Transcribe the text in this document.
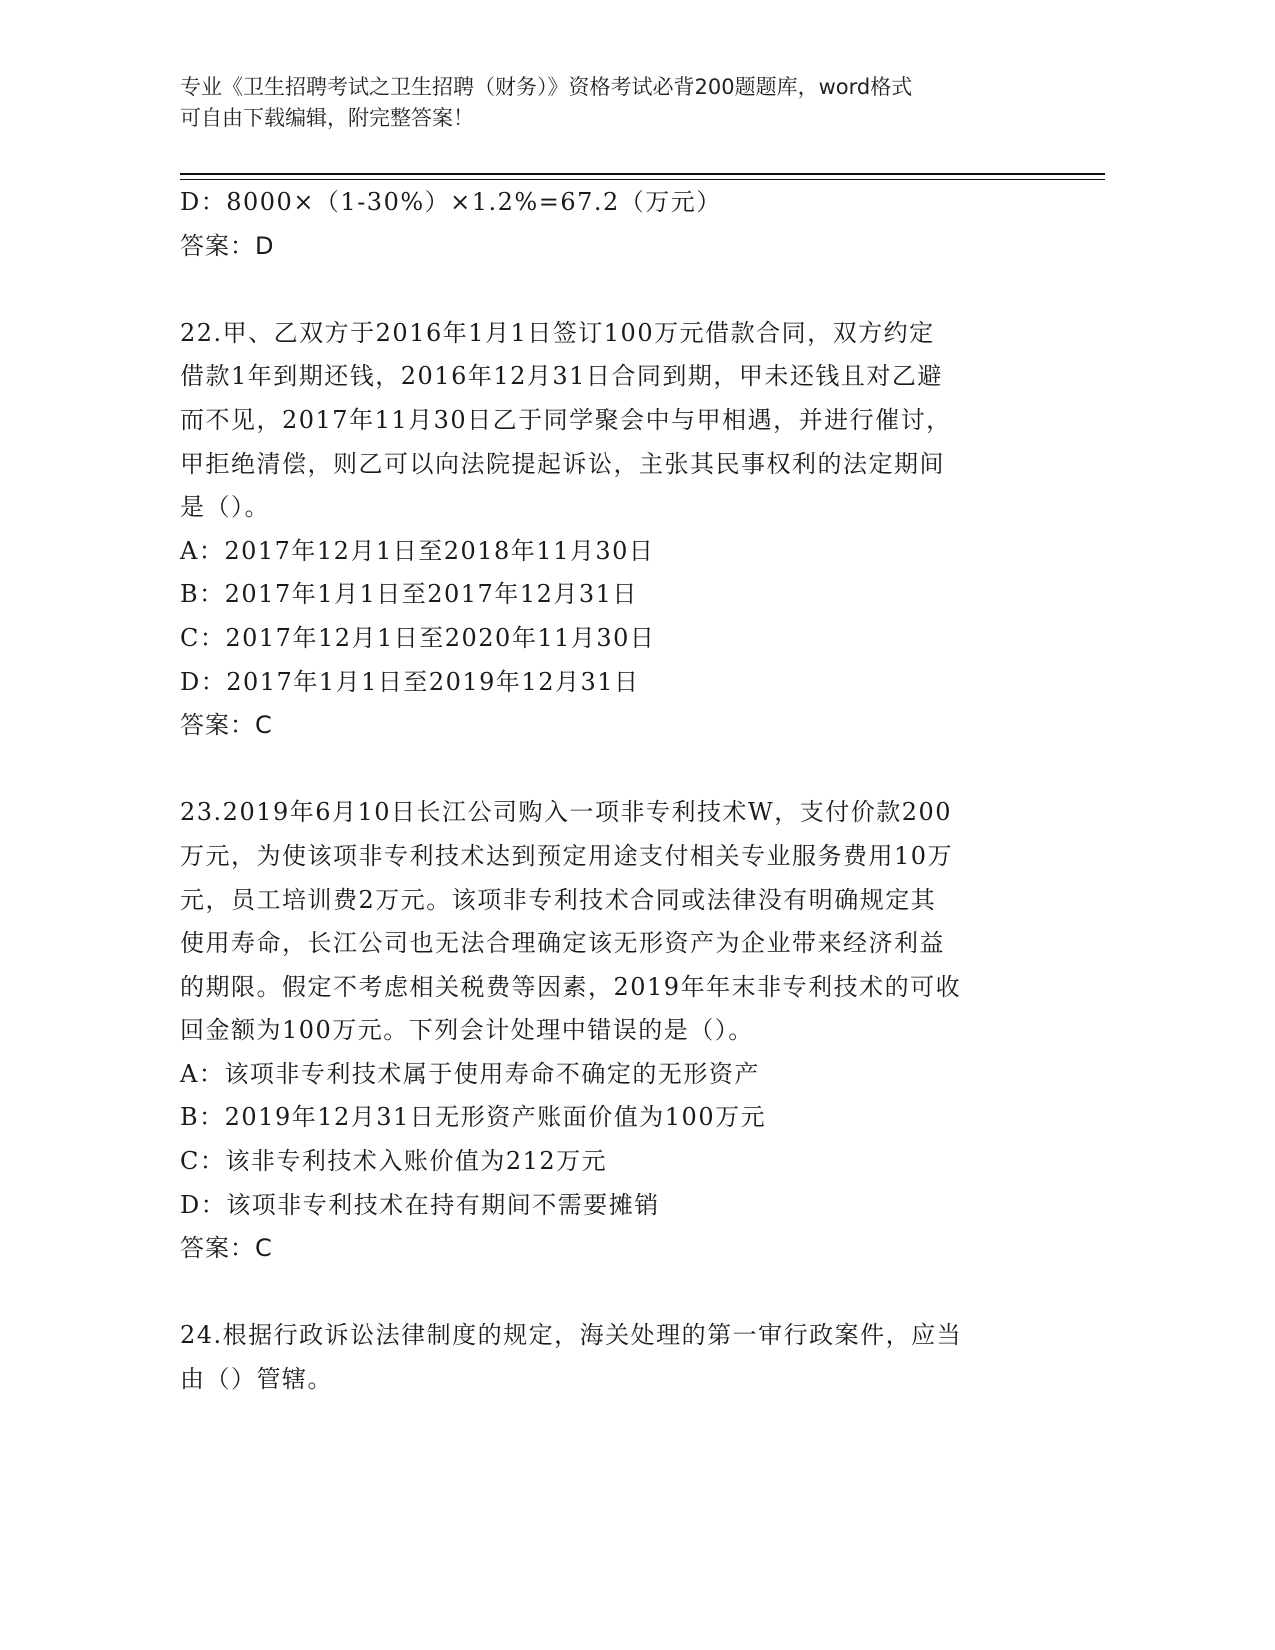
专业《卫生招聘考试之卫生招聘（财务）》资格考试必背200题题库，word格式
可自由下载编辑，附完整答案！
D：8000×（1-30%）×1.2%=67.2（万元）
答案：D
22.甲、乙双方于2016年1月1日签订100万元借款合同，双方约定
借款1年到期还钱，2016年12月31日合同到期，甲未还钱且对乙避
而不见，2017年11月30日乙于同学聚会中与甲相遇，并进行催讨，
甲拒绝清偿，则乙可以向法院提起诉讼，主张其民事权利的法定期间
是（）。
A：2017年12月1日至2018年11月30日
B：2017年1月1日至2017年12月31日
C：2017年12月1日至2020年11月30日
D：2017年1月1日至2019年12月31日
答案：C
23.2019年6月10日长江公司购入一项非专利技术W，支付价款200
万元，为使该项非专利技术达到预定用途支付相关专业服务费用10万
元，员工培训费2万元。该项非专利技术合同或法律没有明确规定其
使用寿命，长江公司也无法合理确定该无形资产为企业带来经济利益
的期限。假定不考虑相关税费等因素，2019年年末非专利技术的可收
回金额为100万元。下列会计处理中错误的是（）。
A：该项非专利技术属于使用寿命不确定的无形资产
B：2019年12月31日无形资产账面价值为100万元
C：该非专利技术入账价值为212万元
D：该项非专利技术在持有期间不需要摊销
答案：C
24.根据行政诉讼法律制度的规定，海关处理的第一审行政案件，应当
由（）管辖。
